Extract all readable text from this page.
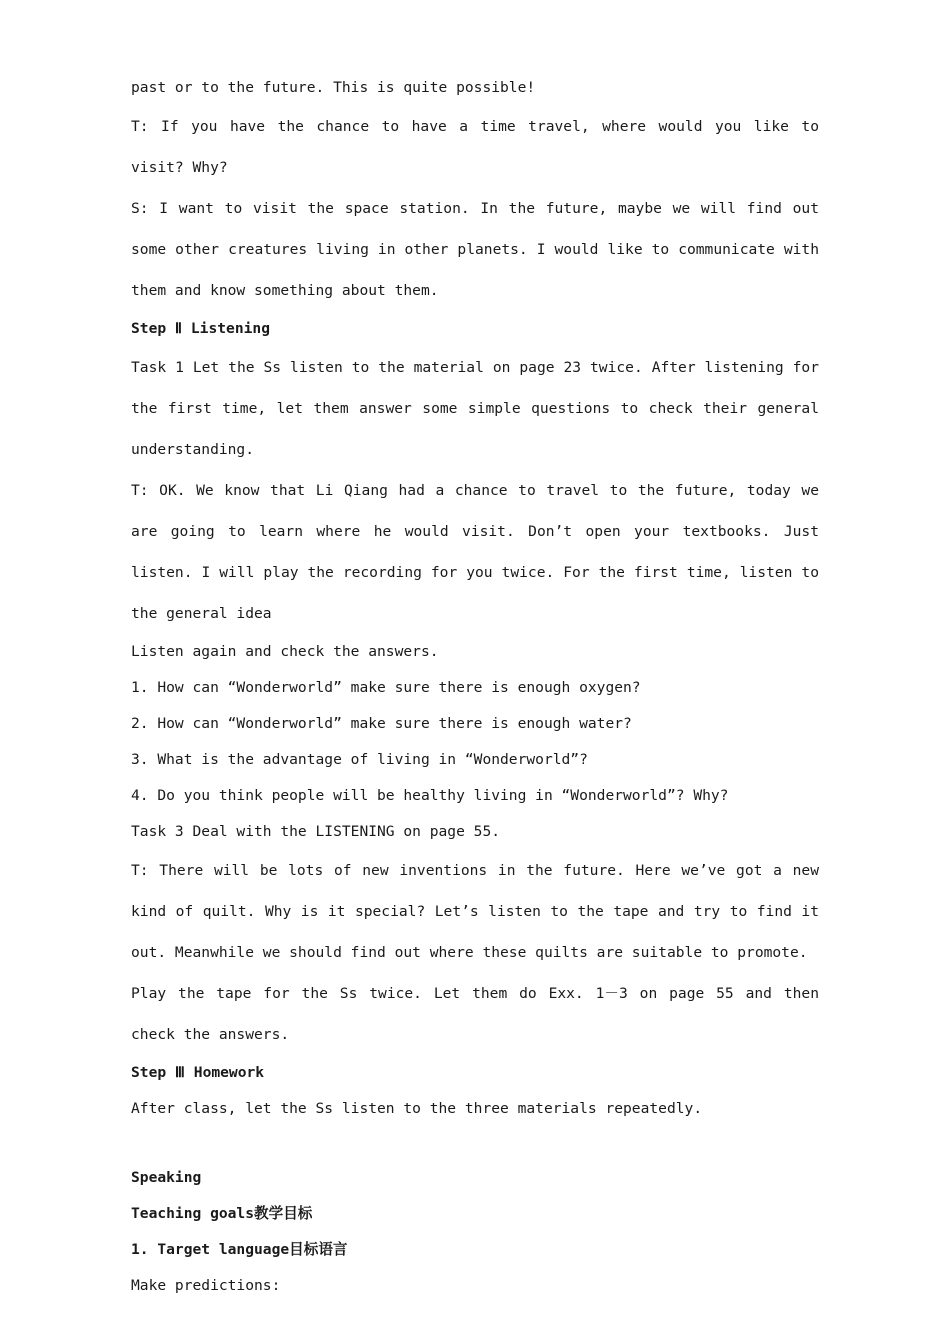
past or to the future. This is quite possible!

T: If you have the chance to have a time travel, where would you like to visit? Why?

S: I want to visit the space station. In the future, maybe we will find out some other creatures living in other planets. I would like to communicate with them and know something about them.

Step Ⅱ Listening

Task 1 Let the Ss listen to the material on page 23 twice. After listening for the first time, let them answer some simple questions to check their general understanding.

T: OK. We know that Li Qiang had a chance to travel to the future, today we are going to learn where he would visit. Don’t open your textbooks. Just listen. I will play the recording for you twice. For the first time, listen to the general idea

Listen again and check the answers.

1. How can “Wonderworld” make sure there is enough oxygen?

2. How can “Wonderworld” make sure there is enough water?

3. What is the advantage of living in “Wonderworld”?

4. Do you think people will be healthy living in “Wonderworld”? Why?

Task 3 Deal with the LISTENING on page 55.

T: There will be lots of new inventions in the future. Here we’ve got a new kind of quilt. Why is it special? Let’s listen to the tape and try to find it out. Meanwhile we should find out where these quilts are suitable to promote.

Play the tape for the Ss twice. Let them do Exx. 1－3 on page 55 and then check the answers.

Step Ⅲ Homework

After class, let the Ss listen to the three materials repeatedly.

Speaking

Teaching goals教学目标

1. Target language目标语言

Make predictions:
